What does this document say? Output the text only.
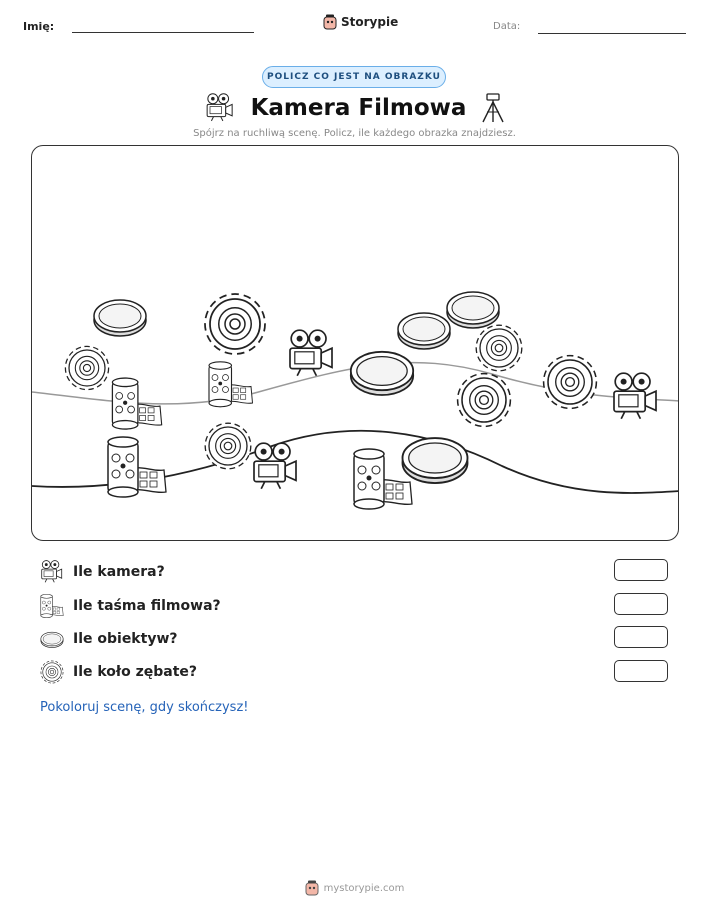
Imię:	Storypie	Data:
POLICZ CO JEST NA OBRAZKU
Kamera Filmowa
Spójrz na ruchliwą scenę. Policz, ile każdego obrazka znajdziesz.
Ile kamera?
Ile taśma filmowa?
Ile obiektyw?
Ile koło zębate?
Pokoloruj scenę, gdy skończysz!
mystorypie.com
